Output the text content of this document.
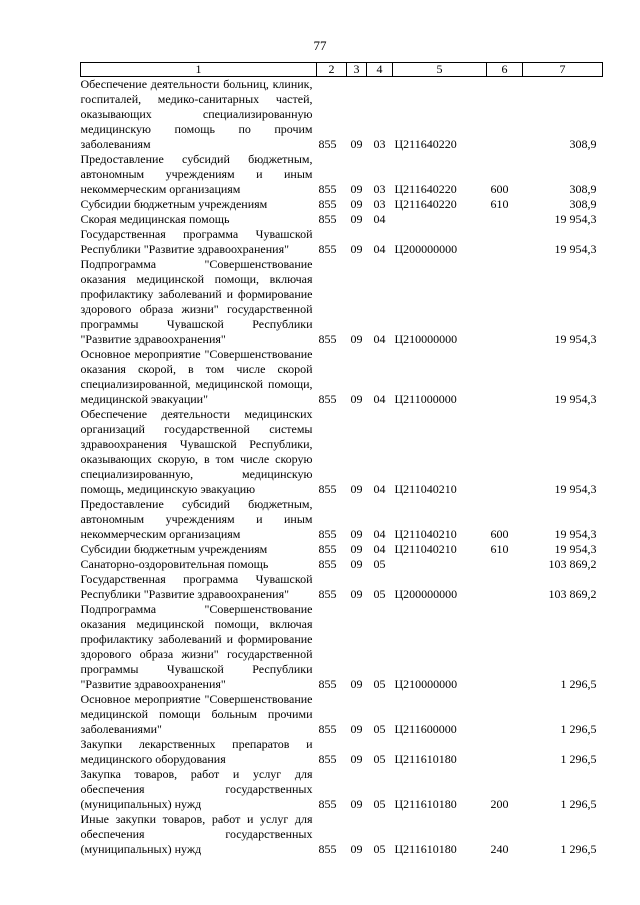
77
1	2	3	4	5	6	7
Обеспечение деятельности больниц, клиник, госпиталей, медико-санитарных частей, оказывающих специализированную медицинскую помощь по прочим заболеваниям	855	09	03	Ц211640220		308,9
Предоставление субсидий бюджетным, автономным учреждениям и иным некоммерческим организациям	855	09	03	Ц211640220	600	308,9
Субсидии бюджетным учреждениям	855	09	03	Ц211640220	610	308,9
Скорая медицинская помощь	855	09	04			19 954,3
Государственная программа Чувашской Республики "Развитие здравоохранения"	855	09	04	Ц200000000		19 954,3
Подпрограмма "Совершенствование оказания медицинской помощи, включая профилактику заболеваний и формирование здорового образа жизни" государственной программы Чувашской Республики "Развитие здравоохранения"	855	09	04	Ц210000000		19 954,3
Основное мероприятие "Совершенствование оказания скорой, в том числе скорой специализированной, медицинской помощи, медицинской эвакуации"	855	09	04	Ц211000000		19 954,3
Обеспечение деятельности медицинских организаций государственной системы здравоохранения Чувашской Республики, оказывающих скорую, в том числе скорую специализированную, медицинскую помощь, медицинскую эвакуацию	855	09	04	Ц211040210		19 954,3
Предоставление субсидий бюджетным, автономным учреждениям и иным некоммерческим организациям	855	09	04	Ц211040210	600	19 954,3
Субсидии бюджетным учреждениям	855	09	04	Ц211040210	610	19 954,3
Санаторно-оздоровительная помощь	855	09	05			103 869,2
Государственная программа Чувашской Республики "Развитие здравоохранения"	855	09	05	Ц200000000		103 869,2
Подпрограмма "Совершенствование оказания медицинской помощи, включая профилактику заболеваний и формирование здорового образа жизни" государственной программы Чувашской Республики "Развитие здравоохранения"	855	09	05	Ц210000000		1 296,5
Основное мероприятие "Совершенствование медицинской помощи больным прочими заболеваниями"	855	09	05	Ц211600000		1 296,5
Закупки лекарственных препаратов и медицинского оборудования	855	09	05	Ц211610180		1 296,5
Закупка товаров, работ и услуг для обеспечения государственных (муниципальных) нужд	855	09	05	Ц211610180	200	1 296,5
Иные закупки товаров, работ и услуг для обеспечения государственных (муниципальных) нужд	855	09	05	Ц211610180	240	1 296,5
